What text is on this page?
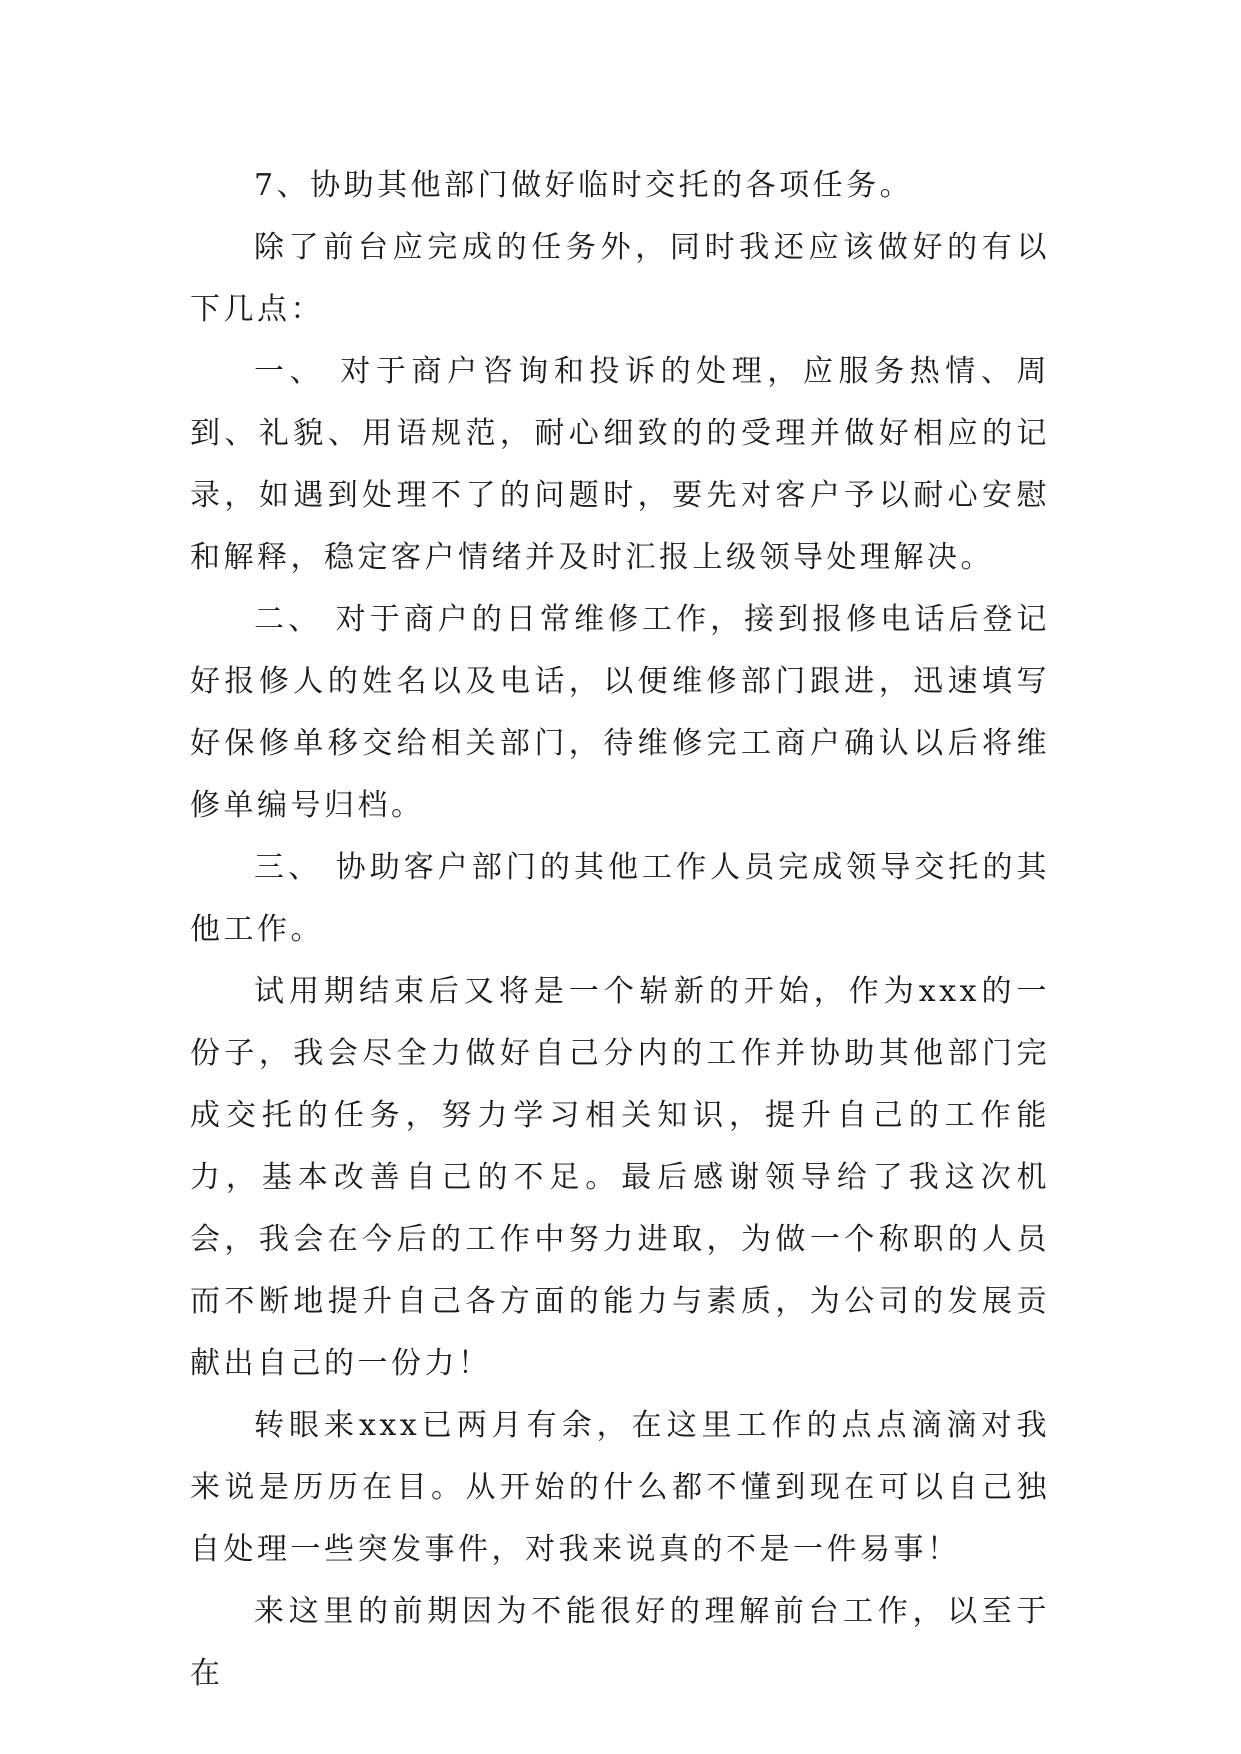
7、协助其他部门做好临时交托的各项任务。

除了前台应完成的任务外，同时我还应该做好的有以下几点：

一、 对于商户咨询和投诉的处理，应服务热情、周到、礼貌、用语规范，耐心细致的的受理并做好相应的记录，如遇到处理不了的问题时，要先对客户予以耐心安慰和解释，稳定客户情绪并及时汇报上级领导处理解决。

二、 对于商户的日常维修工作，接到报修电话后登记好报修人的姓名以及电话，以便维修部门跟进，迅速填写好保修单移交给相关部门，待维修完工商户确认以后将维修单编号归档。

三、 协助客户部门的其他工作人员完成领导交托的其他工作。

试用期结束后又将是一个崭新的开始，作为xxx的一份子，我会尽全力做好自己分内的工作并协助其他部门完成交托的任务，努力学习相关知识，提升自己的工作能力，基本改善自己的不足。最后感谢领导给了我这次机会，我会在今后的工作中努力进取，为做一个称职的人员而不断地提升自己各方面的能力与素质，为公司的发展贡献出自己的一份力！

转眼来xxx已两月有余，在这里工作的点点滴滴对我来说是历历在目。从开始的什么都不懂到现在可以自己独自处理一些突发事件，对我来说真的不是一件易事！

来这里的前期因为不能很好的理解前台工作，以至于在
